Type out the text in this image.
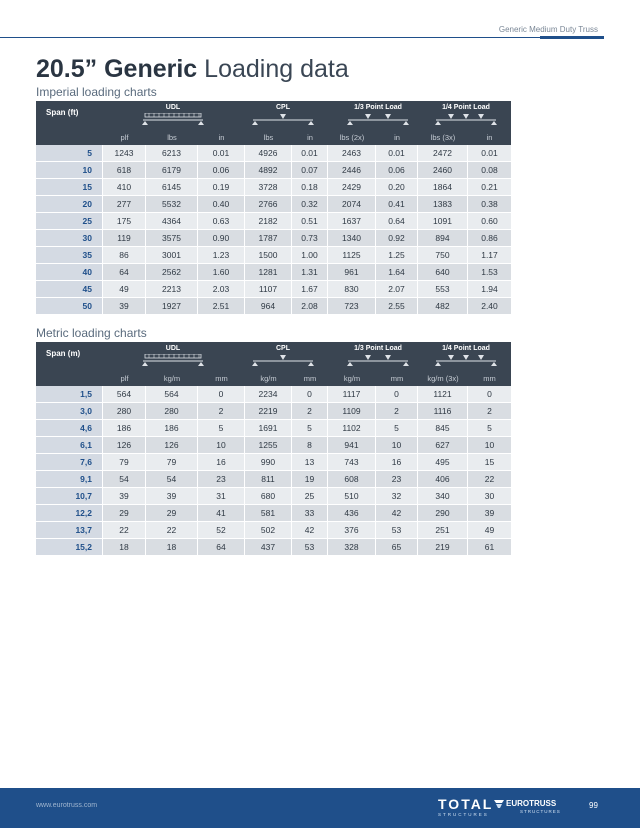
Generic Medium Duty Truss
20.5” Generic Loading data
Imperial loading charts
Span (ft)
UDL	CPL	1/3 Point Load	1/4 Point Load
plf	lbs	in	lbs	in	lbs (2x)	in	lbs (3x)	in
5	1243	6213	0.01	4926	0.01	2463	0.01	2472	0.01
10	618	6179	0.06	4892	0.07	2446	0.06	2460	0.08
15	410	6145	0.19	3728	0.18	2429	0.20	1864	0.21
20	277	5532	0.40	2766	0.32	2074	0.41	1383	0.38
25	175	4364	0.63	2182	0.51	1637	0.64	1091	0.60
30	119	3575	0.90	1787	0.73	1340	0.92	894	0.86
35	86	3001	1.23	1500	1.00	1125	1.25	750	1.17
40	64	2562	1.60	1281	1.31	961	1.64	640	1.53
45	49	2213	2.03	1107	1.67	830	2.07	553	1.94
50	39	1927	2.51	964	2.08	723	2.55	482	2.40
Metric loading charts
Span (m)
UDL	CPL	1/3 Point Load	1/4 Point Load
plf	kg/m	mm	kg/m	mm	kg/m	mm	kg/m (3x)	mm
1,5	564	564	0	2234	0	1117	0	1121	0
3,0	280	280	2	2219	2	1109	2	1116	2
4,6	186	186	5	1691	5	1102	5	845	5
6,1	126	126	10	1255	8	941	10	627	10
7,6	79	79	16	990	13	743	16	495	15
9,1	54	54	23	811	19	608	23	406	22
10,7	39	39	31	680	25	510	32	340	30
12,2	29	29	41	581	33	436	42	290	39
13,7	22	22	52	502	42	376	53	251	49
15,2	18	18	64	437	53	328	65	219	61
www.eurotruss.com	TOTAL
STRUCTURES
EUROTRUSS
STRUCTURES
99
